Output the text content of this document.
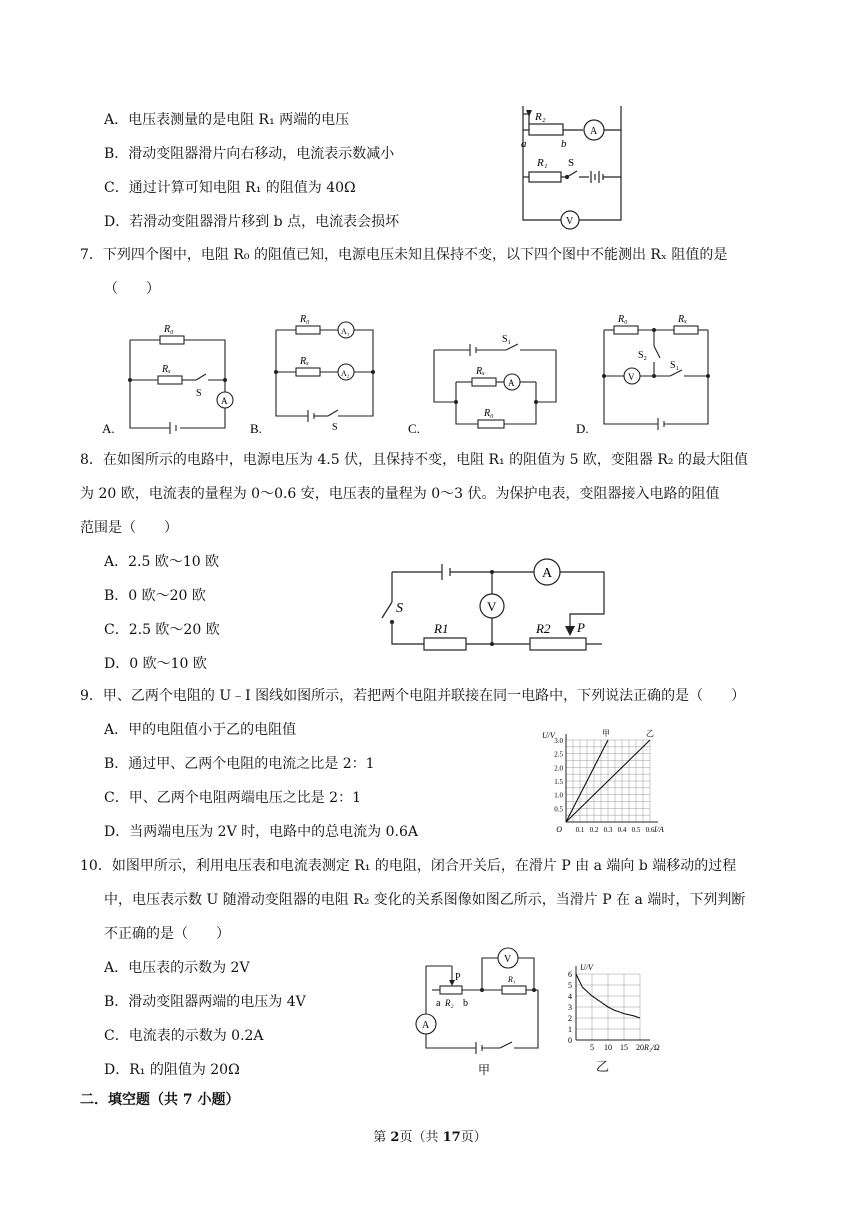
A．电压表测量的是电阻 R₁ 两端的电压
B．滑动变阻器滑片向右移动，电流表示数减小
C．通过计算可知电阻 R₁ 的阻值为 40Ω
D．若滑动变阻器滑片移到 b 点，电流表会损坏
R₂
a	b
A
R₁ S
V
7．下列四个图中，电阻 R₀ 的阻值已知，电源电压未知且保持不变，以下四个图中不能测出 Rₓ 阻值的是
（　　）
R₀
Rₓ
S
A
A.
R₀
A₁
Rₓ
A₂
S
B.
S₁
Rₓ
A
R₀
C.
R₀	Rₓ
S₂
S₁
V
D.
8．在如图所示的电路中，电源电压为 4.5 伏，且保持不变，电阻 R₁ 的阻值为 5 欧，变阻器 R₂ 的最大阻值
为 20 欧，电流表的量程为 0～0.6 安，电压表的量程为 0～3 伏。为保护电表，变阻器接入电路的阻值
范围是（　　）
A．2.5 欧～10 欧
B．0 欧～20 欧
C．2.5 欧～20 欧
D．0 欧～10 欧
A
V
S
R1	R2 P
9．甲、乙两个电阻的 U﹣I 图线如图所示，若把两个电阻并联接在同一电路中，下列说法正确的是（　　）
A．甲的电阻值小于乙的电阻值
B．通过甲、乙两个电阻的电流之比是 2：1
C．甲、乙两个电阻两端电压之比是 2：1
D．当两端电压为 2V 时，电路中的总电流为 0.6A
0.5
1.0
1.5
2.0
2.5
3.0
0.1 0.2 0.3 0.4 0.5 0.6
O
U/V
I/A
甲	乙
10．如图甲所示，利用电压表和电流表测定 R₁ 的电阻，闭合开关后，在滑片 P 由 a 端向 b 端移动的过程
中，电压表示数 U 随滑动变阻器的电阻 R₂ 变化的关系图像如图乙所示，当滑片 P 在 a 端时，下列判断
不正确的是（　　）
A．电压表的示数为 2V
B．滑动变阻器两端的电压为 4V
C．电流表的示数为 0.2A
D．R₁ 的阻值为 20Ω
V
P
a R₂ b
R₁
A
甲
0
1
2
3
4
5
6
5 10 15 20
U/V
R₂/Ω
乙
二．填空题（共 7 小题）
第 2页（共 17页）
